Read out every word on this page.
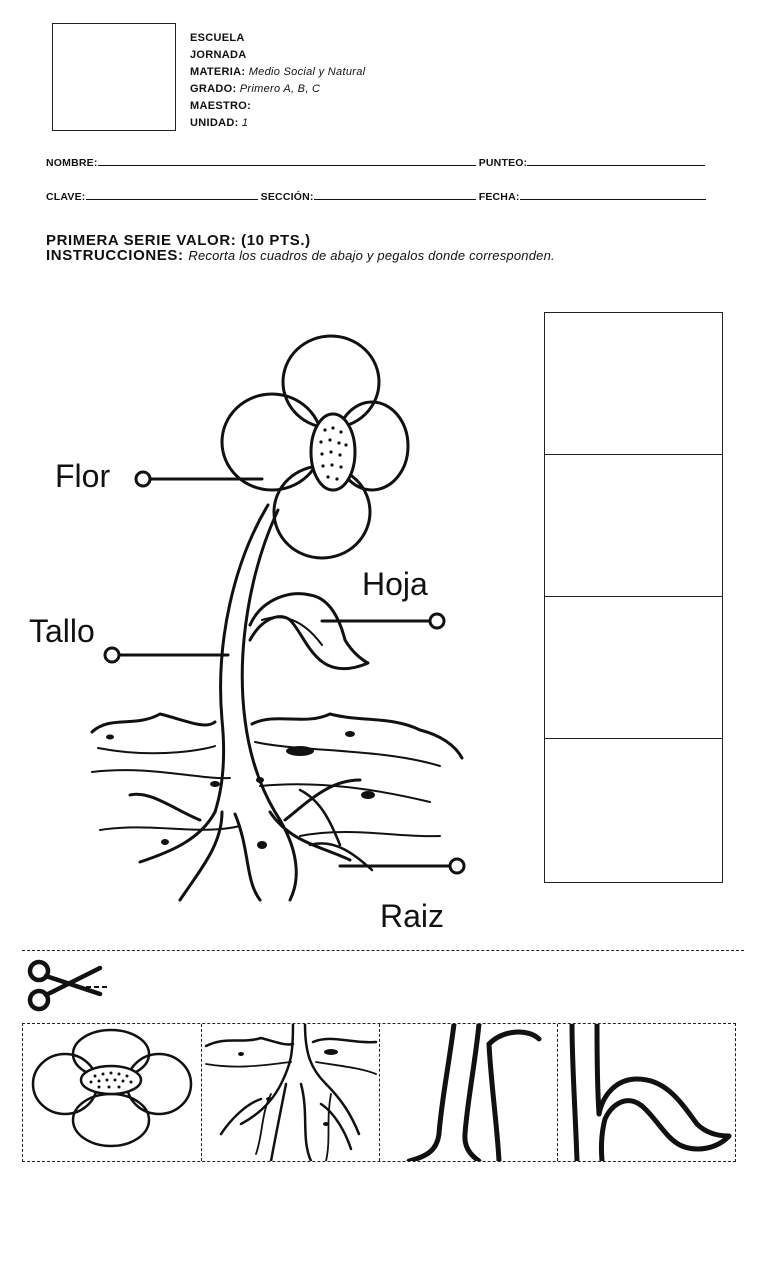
ESCUELA
JORNADA
MATERIA: Medio Social y Natural
GRADO: Primero A, B, C
MAESTRO:
UNIDAD: 1
NOMBRE:	PUNTEO:
CLAVE:	SECCIÓN:	FECHA:
PRIMERA SERIE VALOR: (10 PTS.)
INSTRUCCIONES: Recorta los cuadros de abajo y pegalos donde corresponden.
Flor
Hoja
Tallo
Raiz
